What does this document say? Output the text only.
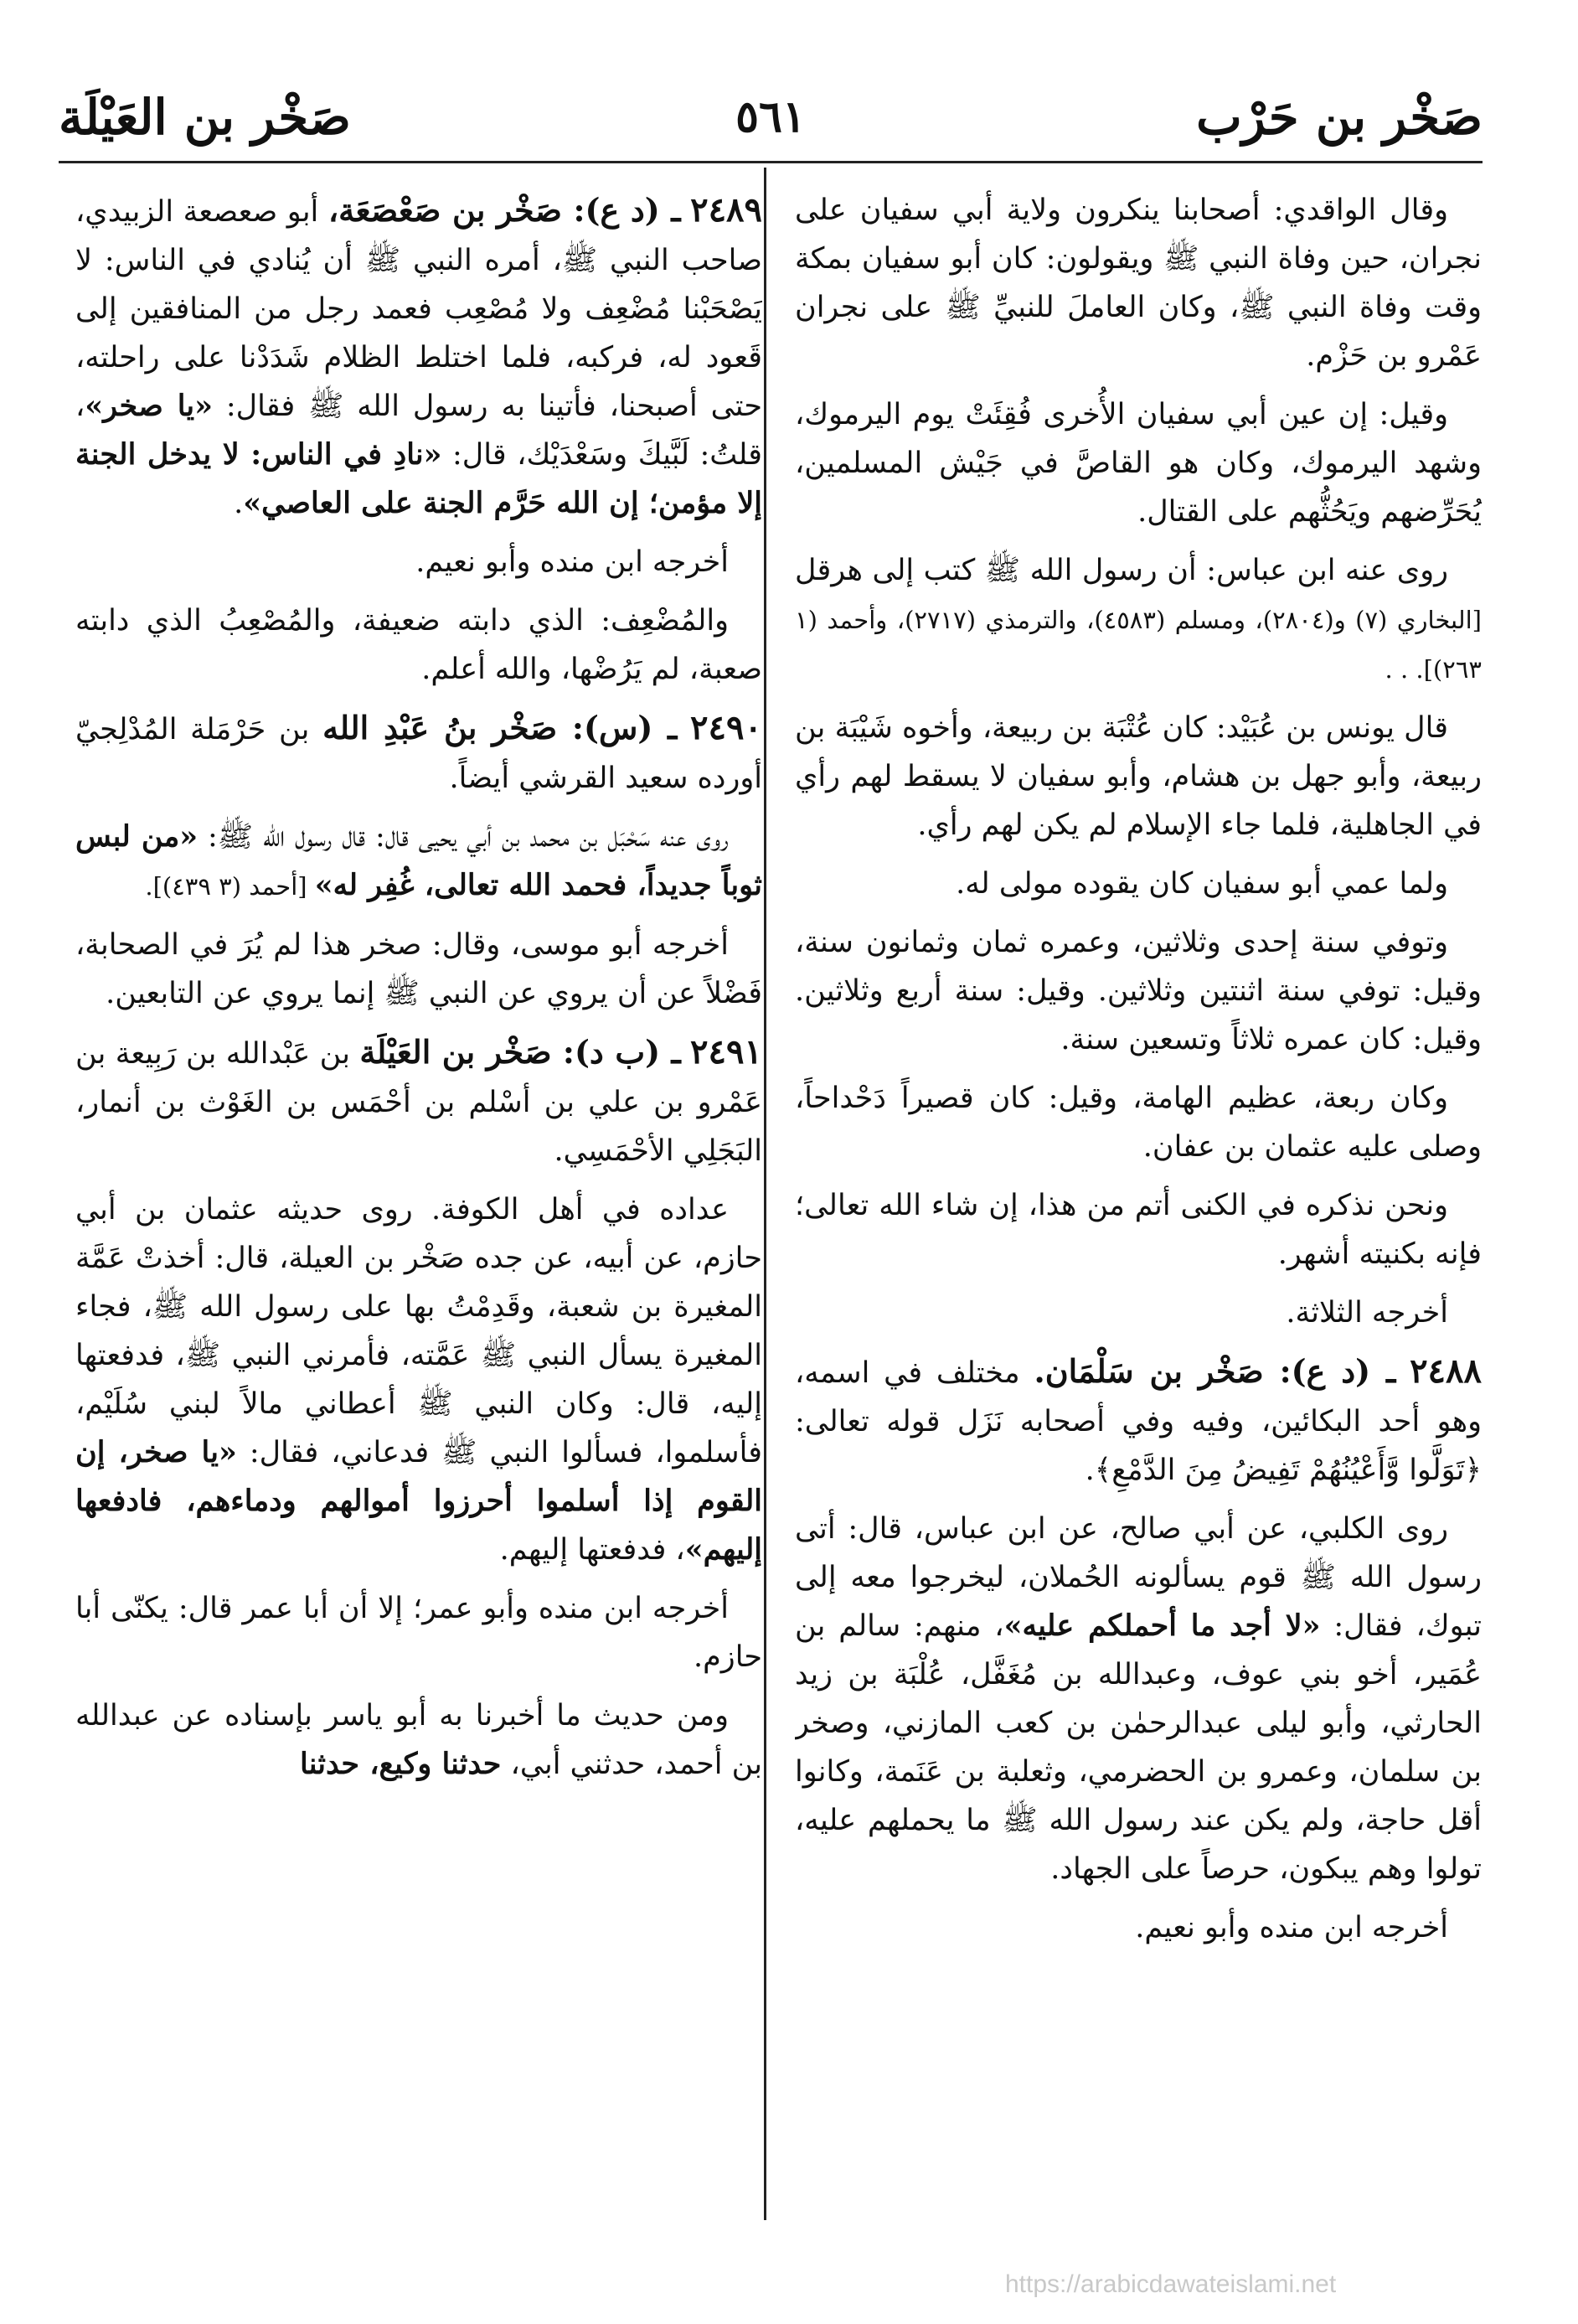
صَخْر بن حَرْب
٥٦١
صَخْر بن العَيْلَة

وقال الواقدي: أصحابنا ينكرون ولاية أبي سفيان على نجران، حين وفاة النبي ﷺ ويقولون: كان أبو سفيان بمكة وقت وفاة النبي ﷺ، وكان العاملَ للنبيِّ ﷺ على نجران عَمْرو بن حَزْم.

وقيل: إن عين أبي سفيان الأُخرى فُقِئَتْ يوم اليرموك، وشهد اليرموك، وكان هو القاصَّ في جَيْش المسلمين، يُحَرِّضهم ويَحُثُّهم على القتال.

روى عنه ابن عباس: أن رسول الله ﷺ كتب إلى هرقل [البخاري (٧) و(٢٨٠٤)، ومسلم (٤٥٨٣)، والترمذي (٢٧١٧)، وأحمد (١ ٢٦٣)]. . .

قال يونس بن عُبَيْد: كان عُتْبَة بن ربيعة، وأخوه شَيْبَة بن ربيعة، وأبو جهل بن هشام، وأبو سفيان لا يسقط لهم رأي في الجاهلية، فلما جاء الإسلام لم يكن لهم رأي.

ولما عمي أبو سفيان كان يقوده مولى له.

وتوفي سنة إحدى وثلاثين، وعمره ثمان وثمانون سنة، وقيل: توفي سنة اثنتين وثلاثين. وقيل: سنة أربع وثلاثين. وقيل: كان عمره ثلاثاً وتسعين سنة.

وكان ربعة، عظيم الهامة، وقيل: كان قصيراً دَحْداحاً، وصلى عليه عثمان بن عفان.

ونحن نذكره في الكنى أتم من هذا، إن شاء الله تعالى؛ فإنه بكنيته أشهر.

أخرجه الثلاثة.

٢٤٨٨ ـ (د ع): صَخْر بن سَلْمَان. مختلف في اسمه، وهو أحد البكائين، وفيه وفي أصحابه نَزَل قوله تعالى: ﴿تَوَلَّوا وَّأَعْيُنُهُمْ تَفِيضُ مِنَ الدَّمْعِ﴾.

روى الكلبي، عن أبي صالح، عن ابن عباس، قال: أتى رسول الله ﷺ قوم يسألونه الحُملان، ليخرجوا معه إلى تبوك، فقال: «لا أجد ما أحملكم عليه»، منهم: سالم بن عُمَير، أخو بني عوف، وعبدالله بن مُغَفَّل، عُلْبَة بن زيد الحارثي، وأبو ليلى عبدالرحمٰن بن كعب المازني، وصخر بن سلمان، وعمرو بن الحضرمي، وثعلبة بن عَنَمة، وكانوا أقل حاجة، ولم يكن عند رسول الله ﷺ ما يحملهم عليه، تولوا وهم يبكون، حرصاً على الجهاد.

أخرجه ابن منده وأبو نعيم.

٢٤٨٩ ـ (د ع): صَخْر بن صَعْصَعَة، أبو صعصعة الزبيدي، صاحب النبي ﷺ، أمره النبي ﷺ أن يُنادي في الناس: لا يَصْحَبْنا مُضْعِف ولا مُصْعِب فعمد رجل من المنافقين إلى قَعود له، فركبه، فلما اختلط الظلام شَدَدْنا على راحلته، حتى أصبحنا، فأتينا به رسول الله ﷺ فقال: «يا صخر»، قلتُ: لَبَّيكَ وسَعْدَيْك، قال: «نادِ في الناس: لا يدخل الجنة إلا مؤمن؛ إن الله حَرَّم الجنة على العاصي».

أخرجه ابن منده وأبو نعيم.

والمُضْعِف: الذي دابته ضعيفة، والمُصْعِبُ الذي دابته صعبة، لم يَرُضْها، والله أعلم.

٢٤٩٠ ـ (س): صَخْر بنُ عَبْدِ الله بن حَرْمَلة المُدْلِجيّ أورده سعيد القرشي أيضاً.

روى عنه سَحْبَل بن محمد بن أبي يحيى قال: قال رسول الله ﷺ: «من لبس ثوباً جديداً، فحمد الله تعالى، غُفِر له» [أحمد (٣ ٤٣٩)].

أخرجه أبو موسى، وقال: صخر هذا لم يُرَ في الصحابة، فَضْلاً عن أن يروي عن النبي ﷺ إنما يروي عن التابعين.

٢٤٩١ ـ (ب د): صَخْر بن العَيْلَة بن عَبْدالله بن رَبِيعة بن عَمْرو بن علي بن أسْلم بن أحْمَس بن الغَوْث بن أنمار، البَجَلِي الأحْمَسِي.

عداده في أهل الكوفة. روى حديثه عثمان بن أبي حازم، عن أبيه، عن جده صَخْر بن العيلة، قال: أخذتْ عَمَّة المغيرة بن شعبة، وقَدِمْتُ بها على رسول الله ﷺ، فجاء المغيرة يسأل النبي ﷺ عَمَّته، فأمرني النبي ﷺ، فدفعتها إليه، قال: وكان النبي ﷺ أعطاني مالاً لبني سُلَيْم، فأسلموا، فسألوا النبي ﷺ فدعاني، فقال: «يا صخر، إن القوم إذا أسلموا أحرزوا أموالهم ودماءهم، فادفعها إليهم»، فدفعتها إليهم.

أخرجه ابن منده وأبو عمر؛ إلا أن أبا عمر قال: يكنّى أبا حازم.

ومن حديث ما أخبرنا به أبو ياسر بإسناده عن عبدالله بن أحمد، حدثني أبي، حدثنا وكيع، حدثنا

https://arabicdawateislami.net
